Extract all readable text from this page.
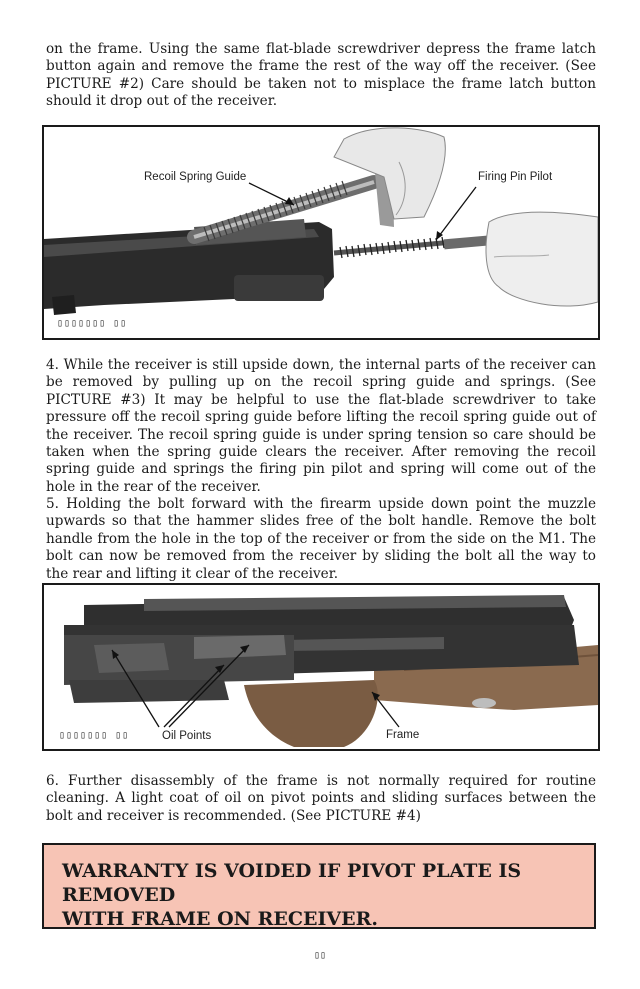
on the frame. Using the same flat-blade screwdriver depress the frame latch button again and remove the frame the rest of the way off the receiver. (See PICTURE #2) Care should be taken not to misplace the frame latch button should it drop out of the receiver.

Recoil Spring Guide	Firing Pin Pilot
▯▯▯▯▯▯▯ ▯▯

4. While the receiver is still upside down, the internal parts of the receiver can be removed by pulling up on the recoil spring guide and springs. (See PICTURE #3) It may be helpful to use the flat-blade screwdriver to take pressure off the recoil spring guide before lifting the recoil spring guide out of the receiver. The recoil spring guide is under spring tension so care should be taken when the spring guide clears the receiver. After removing the recoil spring guide and springs the firing pin pilot and spring will come out of the hole in the rear of the receiver.

5. Holding the bolt forward with the firearm upside down point the muzzle upwards so that the hammer slides free of the bolt handle. Remove the bolt handle from the hole in the top of the receiver or from the side on the M1. The bolt can now be removed from the receiver by sliding the bolt all the way to the rear and lifting it clear of the receiver.

▯▯▯▯▯▯▯ ▯▯	Oil Points	Frame

6. Further disassembly of the frame is not normally required for routine cleaning. A light coat of oil on pivot points and sliding surfaces between the bolt and receiver is recommended. (See PICTURE #4)

WARRANTY IS VOIDED IF PIVOT PLATE IS REMOVED
WITH FRAME ON RECEIVER.

▯▯
